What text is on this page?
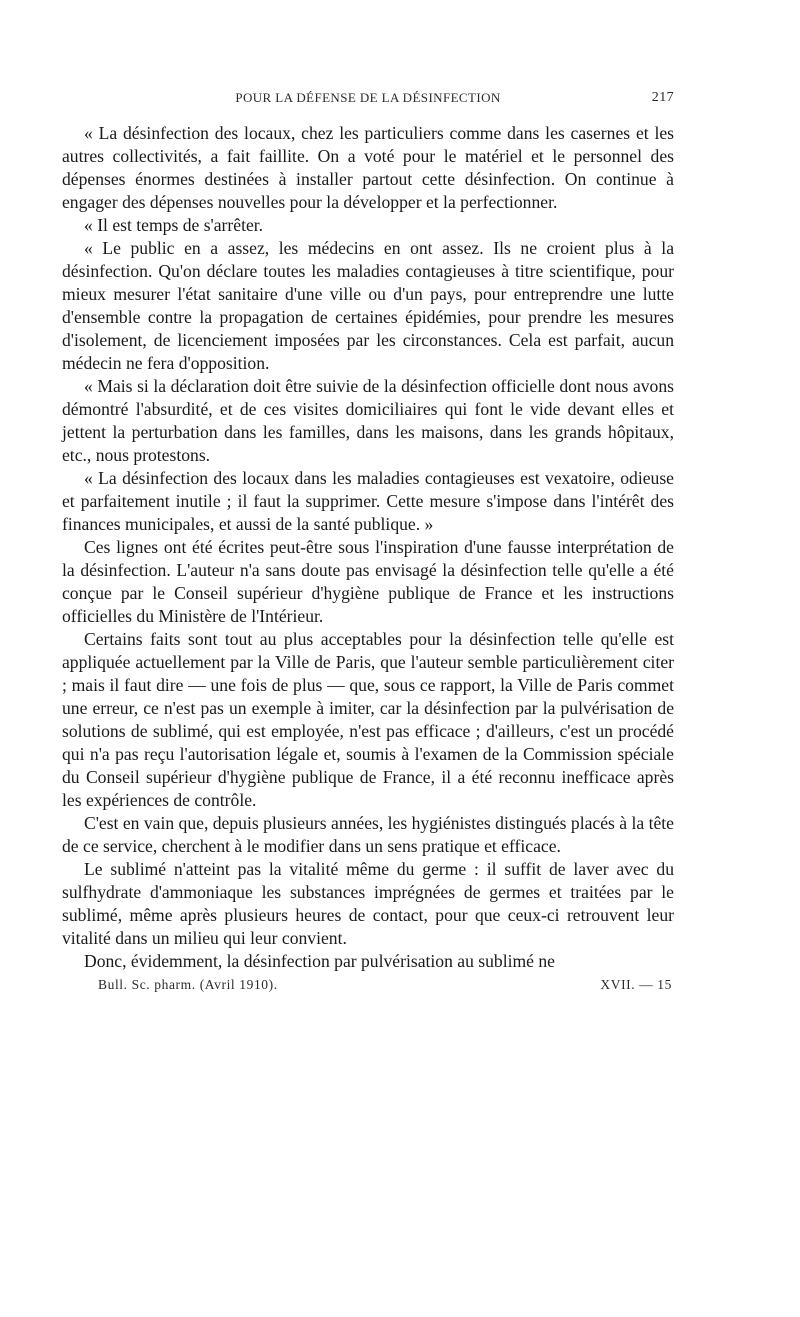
POUR LA DÉFENSE DE LA DÉSINFECTION	217

« La désinfection des locaux, chez les particuliers comme dans les casernes et les autres collectivités, a fait faillite. On a voté pour le matériel et le personnel des dépenses énormes destinées à installer partout cette désinfection. On continue à engager des dépenses nouvelles pour la développer et la perfectionner.

« Il est temps de s'arrêter.

« Le public en a assez, les médecins en ont assez. Ils ne croient plus à la désinfection. Qu'on déclare toutes les maladies contagieuses à titre scientifique, pour mieux mesurer l'état sanitaire d'une ville ou d'un pays, pour entreprendre une lutte d'ensemble contre la propagation de certaines épidémies, pour prendre les mesures d'isolement, de licenciement imposées par les circonstances. Cela est parfait, aucun médecin ne fera d'opposition.

« Mais si la déclaration doit être suivie de la désinfection officielle dont nous avons démontré l'absurdité, et de ces visites domiciliaires qui font le vide devant elles et jettent la perturbation dans les familles, dans les maisons, dans les grands hôpitaux, etc., nous protestons.

« La désinfection des locaux dans les maladies contagieuses est vexatoire, odieuse et parfaitement inutile ; il faut la supprimer. Cette mesure s'impose dans l'intérêt des finances municipales, et aussi de la santé publique. »

Ces lignes ont été écrites peut-être sous l'inspiration d'une fausse interprétation de la désinfection. L'auteur n'a sans doute pas envisagé la désinfection telle qu'elle a été conçue par le Conseil supérieur d'hygiène publique de France et les instructions officielles du Ministère de l'Intérieur.

Certains faits sont tout au plus acceptables pour la désinfection telle qu'elle est appliquée actuellement par la Ville de Paris, que l'auteur semble particulièrement citer ; mais il faut dire — une fois de plus — que, sous ce rapport, la Ville de Paris commet une erreur, ce n'est pas un exemple à imiter, car la désinfection par la pulvérisation de solutions de sublimé, qui est employée, n'est pas efficace ; d'ailleurs, c'est un procédé qui n'a pas reçu l'autorisation légale et, soumis à l'examen de la Commission spéciale du Conseil supérieur d'hygiène publique de France, il a été reconnu inefficace après les expériences de contrôle.

C'est en vain que, depuis plusieurs années, les hygiénistes distingués placés à la tête de ce service, cherchent à le modifier dans un sens pratique et efficace.

Le sublimé n'atteint pas la vitalité même du germe : il suffit de laver avec du sulfhydrate d'ammoniaque les substances imprégnées de germes et traitées par le sublimé, même après plusieurs heures de contact, pour que ceux-ci retrouvent leur vitalité dans un milieu qui leur convient.

Donc, évidemment, la désinfection par pulvérisation au sublimé ne

Bull. Sc. pharm. (Avril 1910).	XVII. — 15
